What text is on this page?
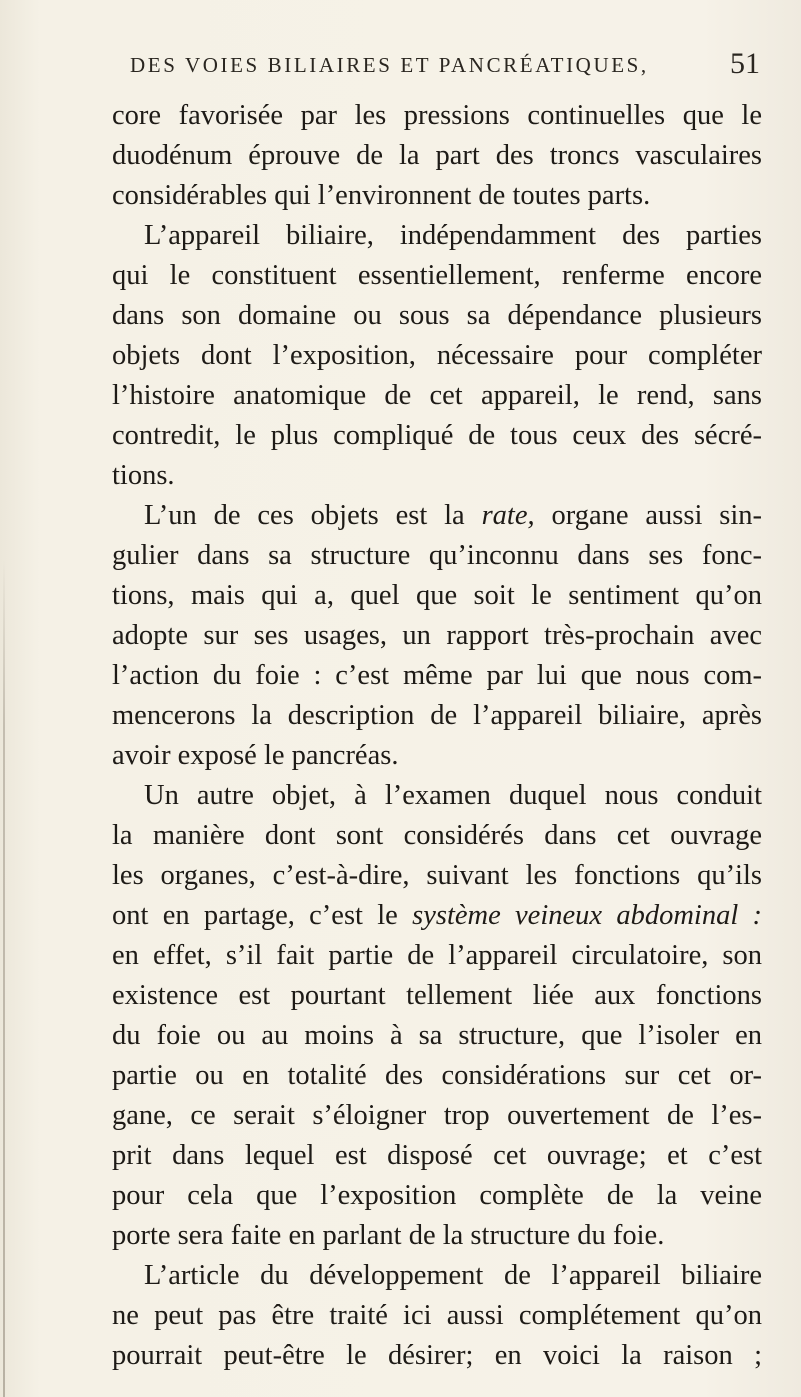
DES VOIES BILIAIRES ET PANCRÉATIQUES,	51
core favorisée par les pressions continuelles que le
duodénum éprouve de la part des troncs vasculaires
considérables qui l’environnent de toutes parts.
L’appareil biliaire, indépendamment des parties
qui le constituent essentiellement, renferme encore
dans son domaine ou sous sa dépendance plusieurs
objets dont l’exposition, nécessaire pour compléter
l’histoire anatomique de cet appareil, le rend, sans
contredit, le plus compliqué de tous ceux des sécré-
tions.
L’un de ces objets est la rate, organe aussi sin-
gulier dans sa structure qu’inconnu dans ses fonc-
tions, mais qui a, quel que soit le sentiment qu’on
adopte sur ses usages, un rapport très-prochain avec
l’action du foie : c’est même par lui que nous com-
mencerons la description de l’appareil biliaire, après
avoir exposé le pancréas.
Un autre objet, à l’examen duquel nous conduit
la manière dont sont considérés dans cet ouvrage
les organes, c’est-à-dire, suivant les fonctions qu’ils
ont en partage, c’est le système veineux abdominal :
en effet, s’il fait partie de l’appareil circulatoire, son
existence est pourtant tellement liée aux fonctions
du foie ou au moins à sa structure, que l’isoler en
partie ou en totalité des considérations sur cet or-
gane, ce serait s’éloigner trop ouvertement de l’es-
prit dans lequel est disposé cet ouvrage; et c’est
pour cela que l’exposition complète de la veine
porte sera faite en parlant de la structure du foie.
L’article du développement de l’appareil biliaire
ne peut pas être traité ici aussi complétement qu’on
pourrait peut-être le désirer; en voici la raison ;
